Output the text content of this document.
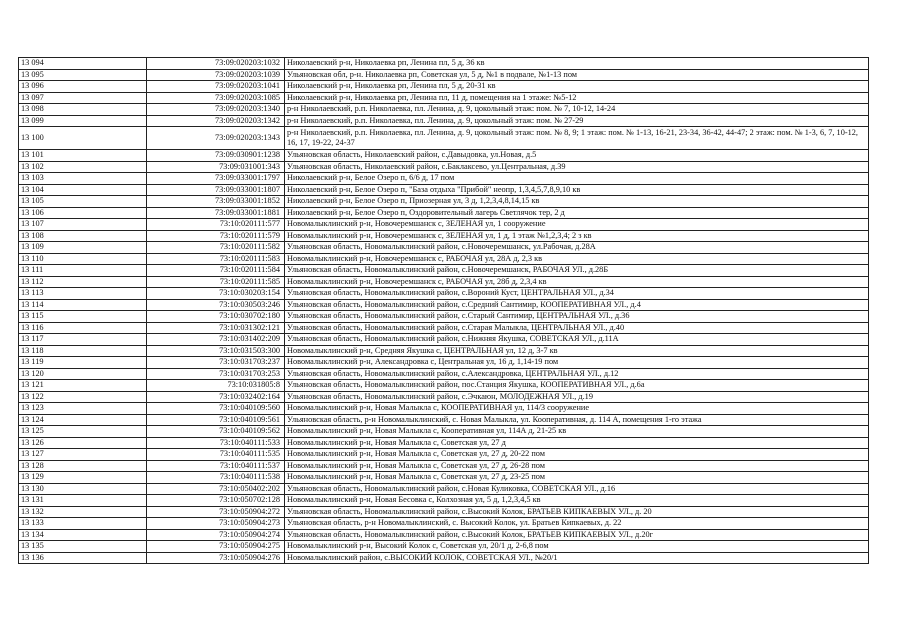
13 094	73:09:020203:1032	Николаевский р-н, Николаевка рп, Ленина пл, 5 д, 36 кв
13 095	73:09:020203:1039	Ульяновская обл, р-н. Николаевка рп, Советская ул, 5 д, №1 в подвале, №1-13 пом
13 096	73:09:020203:1041	Николаевский р-н, Николаевка рп, Ленина пл, 5 д, 20-31 кв
13 097	73:09:020203:1085	Николаевский р-н, Николаевка рп, Ленина пл, 11 д, помещения на 1 этаже: №5-12
13 098	73:09:020203:1340	р-н Николаевский, р.п. Николаевка, пл. Ленина, д. 9, цокольный этаж: пом. № 7, 10-12, 14-24
13 099	73:09:020203:1342	р-н Николаевский, р.п. Николаевка, пл. Ленина, д. 9, цокольный этаж: пом. № 27-29
13 100	73:09:020203:1343	р-н Николаевский, р.п. Николаевка, пл. Ленина, д. 9, цокольный этаж: пом. № 8, 9; 1 этаж: пом. № 1-13, 16-21, 23-34, 36-42, 44-47; 2 этаж: пом. № 1-3, 6, 7, 10-12, 16, 17, 19-22, 24-37
13 101	73:09:030901:1238	Ульяновская область, Николаевский район, с.Давыдовка, ул.Новая, д.5
13 102	73:09:031001:343	Ульяновская область, Николаевский район, с.Баклаксево, ул.Центральная, д.39
13 103	73:09:033001:1797	Николаевский р-н, Белое Озеро п, 6/6 д, 17 пом
13 104	73:09:033001:1807	Николаевский р-н, Белое Озеро п, "База отдыха "Прибой" неопр, 1,3,4,5,7,8,9,10 кв
13 105	73:09:033001:1852	Николаевский р-н, Белое Озеро п, Приозерная ул, 3 д, 1,2,3,4,8,14,15 кв
13 106	73:09:033001:1881	Николаевский р-н, Белое Озеро п, Оздоровительный лагерь Светлячок тер, 2 д
13 107	73:10:020111:577	Новомалыклинский р-н, Новочеремшанск с, ЗЕЛЕНАЯ ул, 1 сооружение
13 108	73:10:020111:579	Новомалыклинский р-н, Новочеремшанск с, ЗЕЛЕНАЯ ул, 1 д, 1 этаж №1,2,3,4; 2 з кв
13 109	73:10:020111:582	Ульяновская область, Новомалыклинский район, с.Новочеремшанск, ул.Рабочая, д.28А
13 110	73:10:020111:583	Новомалыклинский р-н, Новочеремшанск с, РАБОЧАЯ ул, 28А д, 2,3 кв
13 111	73:10:020111:584	Ульяновская область, Новомалыклинский район, с.Новочеремшанск, РАБОЧАЯ УЛ., д.28Б
13 112	73:10:020111:585	Новомалыклинский р-н, Новочеремшанск с, РАБОЧАЯ ул, 28б д, 2,3,4 кв
13 113	73:10:030203:154	Ульяновская область, Новомалыклинский район, с.Вороний Куст, ЦЕНТРАЛЬНАЯ УЛ., д.34
13 114	73:10:030503:246	Ульяновская область, Новомалыклинский район, с.Средний Сантимир, КООПЕРАТИВНАЯ УЛ., д.4
13 115	73:10:030702:180	Ульяновская область, Новомалыклинский район, с.Старый Сантимир, ЦЕНТРАЛЬНАЯ УЛ., д.36
13 116	73:10:031302:121	Ульяновская область, Новомалыклинский район, с.Старая Малыкла, ЦЕНТРАЛЬНАЯ УЛ., д.40
13 117	73:10:031402:209	Ульяновская область, Новомалыклинский район, с.Нижняя Якушка, СОВЕТСКАЯ УЛ., д.11А
13 118	73:10:031503:300	Новомалыклинский р-н, Средняя Якушка с, ЦЕНТРАЛЬНАЯ ул, 12 д, 3-7 кв
13 119	73:10:031703:237	Новомалыклинский р-н, Александровка с, Центральная ул, 16 д, 1,14-19 пом
13 120	73:10:031703:253	Ульяновская область, Новомалыклинский район, с.Александровка, ЦЕНТРАЛЬНАЯ УЛ., д.12
13 121	73:10:031805:8	Ульяновская область, Новомалыклинский район, пос.Станция Якушка, КООПЕРАТИВНАЯ УЛ., д.6а
13 122	73:10:032402:164	Ульяновская область, Новомалыклинский район, с.Эчкаюн, МОЛОДЕЖНАЯ УЛ., д.19
13 123	73:10:040109:560	Новомалыклинский р-н, Новая Малыкла с, КООПЕРАТИВНАЯ ул, 114/3 сооружение
13 124	73:10:040109:561	Ульяновская область, р-н Новомалыклинский, с. Новая Малыкла, ул. Кооперативная, д. 114 А, помещения 1-го этажа
13 125	73:10:040109:562	Новомалыклинский р-н, Новая Малыкла с, Кооперативная ул, 114А д, 21-25 кв
13 126	73:10:040111:533	Новомалыклинский р-н, Новая Малыкла с, Советская ул, 27 д
13 127	73:10:040111:535	Новомалыклинский р-н, Новая Малыкла с, Советская ул, 27 д, 20-22 пом
13 128	73:10:040111:537	Новомалыклинский р-н, Новая Малыкла с, Советская ул, 27 д, 26-28 пом
13 129	73:10:040111:538	Новомалыклинский р-н, Новая Малыкла с, Советская ул, 27 д, 23-25 пом
13 130	73:10:050402:202	Ульяновская область, Новомалыклинский район, с.Новая Куликовка, СОВЕТСКАЯ УЛ., д.16
13 131	73:10:050702:128	Новомалыклинский р-н, Новая Бесовка с, Колхозная ул, 5 д, 1,2,3,4,5 кв
13 132	73:10:050904:272	Ульяновская область, Новомалыклинский район, с.Высокий Колок, БРАТЬЕВ КИПКАЕВЫХ УЛ., д. 20
13 133	73:10:050904:273	Ульяновская область, р-н Новомалыклинский, с. Высокий Колок, ул. Братьев Кипкаевых, д. 22
13 134	73:10:050904:274	Ульяновская область, Новомалыклинский район, с.Высокий Колок, БРАТЬЕВ КИПКАЕВЫХ УЛ., д.20г
13 135	73:10:050904:275	Новомалыклинский р-н, Высокий Колок с, Советская ул, 20/1 д, 2-6,8 пом
13 136	73:10:050904:276	Новомалыклинский район, с.ВЫСОКИЙ КОЛОК, СОВЕТСКАЯ УЛ., №20/1
